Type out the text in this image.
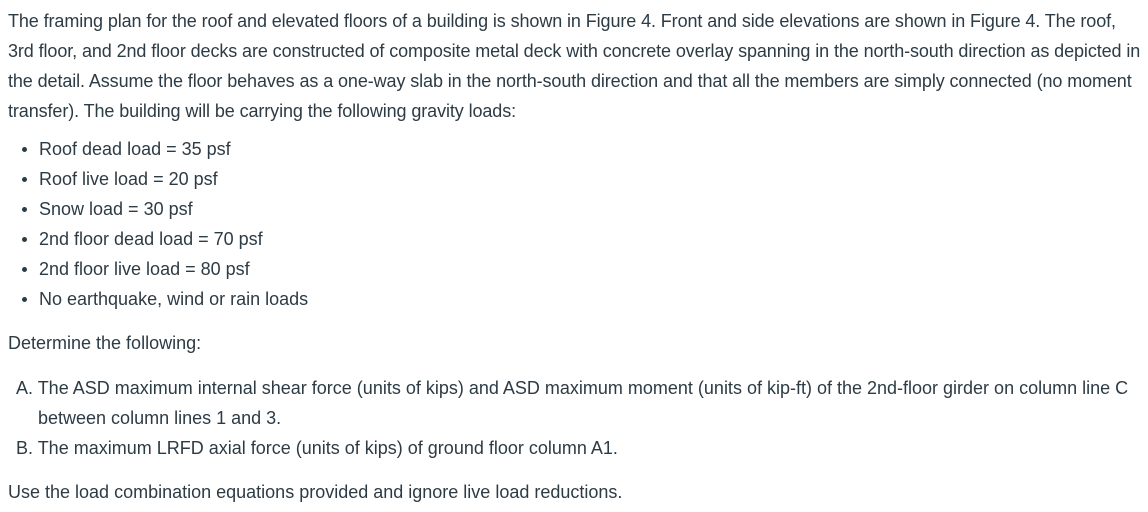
The framing plan for the roof and elevated floors of a building is shown in Figure 4. Front and side elevations are shown in Figure 4. The roof, 3rd floor, and 2nd floor decks are constructed of composite metal deck with concrete overlay spanning in the north-south direction as depicted in the detail. Assume the floor behaves as a one-way slab in the north-south direction and that all the members are simply connected (no moment transfer). The building will be carrying the following gravity loads:

Roof dead load = 35 psf
Roof live load = 20 psf
Snow load = 30 psf
2nd floor dead load = 70 psf
2nd floor live load = 80 psf
No earthquake, wind or rain loads

Determine the following:

A. The ASD maximum internal shear force (units of kips) and ASD maximum moment (units of kip-ft) of the 2nd-floor girder on column line C between column lines 1 and 3.
B. The maximum LRFD axial force (units of kips) of ground floor column A1.

Use the load combination equations provided and ignore live load reductions.
